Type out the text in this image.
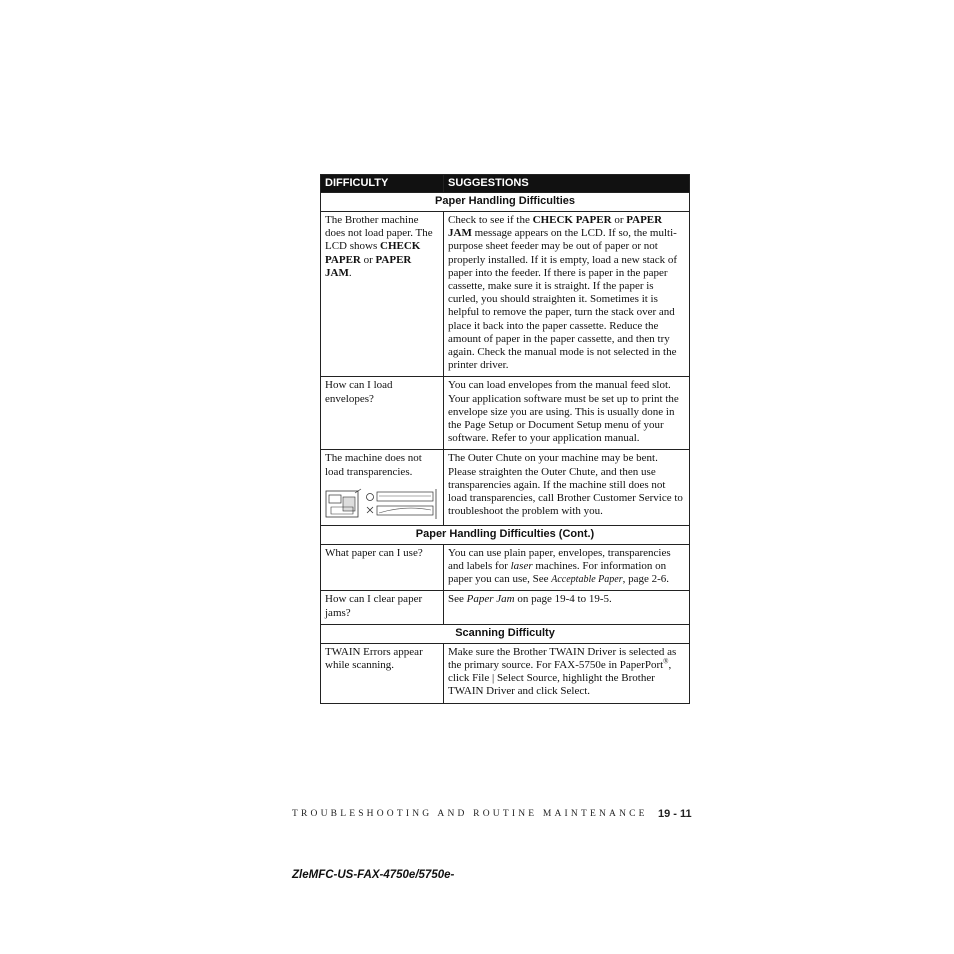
DIFFICULTY	SUGGESTIONS
Paper Handling Difficulties	
The Brother machine does not load paper. The LCD shows CHECK PAPER or PAPER JAM.	Check to see if the CHECK PAPER or PAPER JAM message appears on the LCD. If so, the multi-purpose sheet feeder may be out of paper or not properly installed. If it is empty, load a new stack of paper into the feeder. If there is paper in the paper cassette, make sure it is straight. If the paper is curled, you should straighten it. Sometimes it is helpful to remove the paper, turn the stack over and place it back into the paper cassette. Reduce the amount of paper in the paper cassette, and then try again. Check the manual mode is not selected in the printer driver.
How can I load envelopes?	You can load envelopes from the manual feed slot. Your application software must be set up to print the envelope size you are using. This is usually done in the Page Setup or Document Setup menu of your software. Refer to your application manual.
The machine does not load transparencies.	The Outer Chute on your machine may be bent. Please straighten the Outer Chute, and then use transparencies again. If the machine still does not load transparencies, call Brother Customer Service to troubleshoot the problem with you.
Paper Handling Difficulties (Cont.)	
What paper can I use?	You can use plain paper, envelopes, transparencies and labels for laser machines. For information on paper you can use, See Acceptable Paper, page 2-6.
How can I clear paper jams?	See Paper Jam on page 19-4 to 19-5.
Scanning Difficulty	
TWAIN Errors appear while scanning.	Make sure the Brother TWAIN Driver is selected as the primary source. For FAX-5750e in PaperPort®, click File | Select Source, highlight the Brother TWAIN Driver and click Select.
TROUBLESHOOTING AND ROUTINE MAINTENANCE 19 - 11
ZleMFC-US-FAX-4750e/5750e-
